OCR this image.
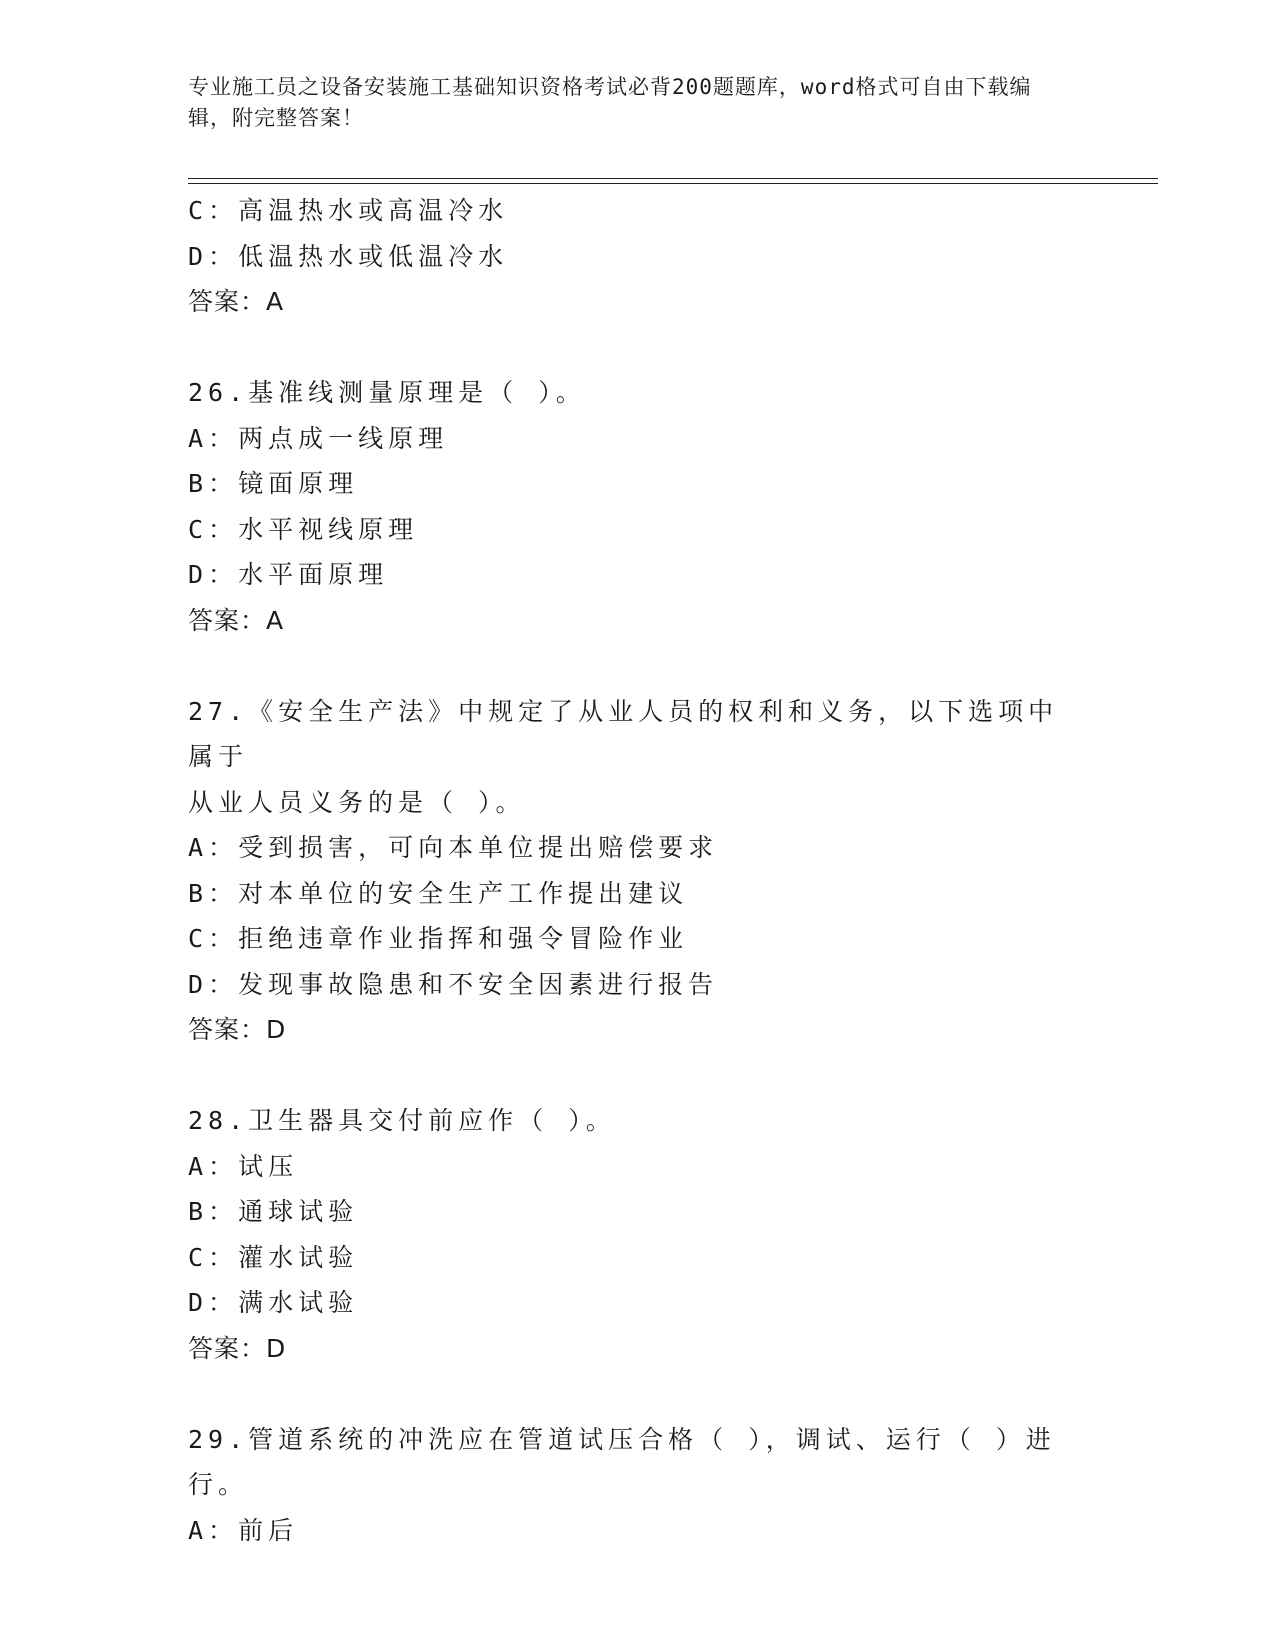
专业施工员之设备安装施工基础知识资格考试必背200题题库，word格式可自由下载编辑，附完整答案！
C：高温热水或高温冷水
D：低温热水或低温冷水
答案：A
26.基准线测量原理是（ ）。
A：两点成一线原理
B：镜面原理
C：水平视线原理
D：水平面原理
答案：A
27.《安全生产法》中规定了从业人员的权利和义务，以下选项中属于
从业人员义务的是（ ）。
A：受到损害，可向本单位提出赔偿要求
B：对本单位的安全生产工作提出建议
C：拒绝违章作业指挥和强令冒险作业
D：发现事故隐患和不安全因素进行报告
答案：D
28.卫生器具交付前应作（ ）。
A：试压
B：通球试验
C：灌水试验
D：满水试验
答案：D
29.管道系统的冲洗应在管道试压合格（ ），调试、运行（ ）进行。
A：前后
